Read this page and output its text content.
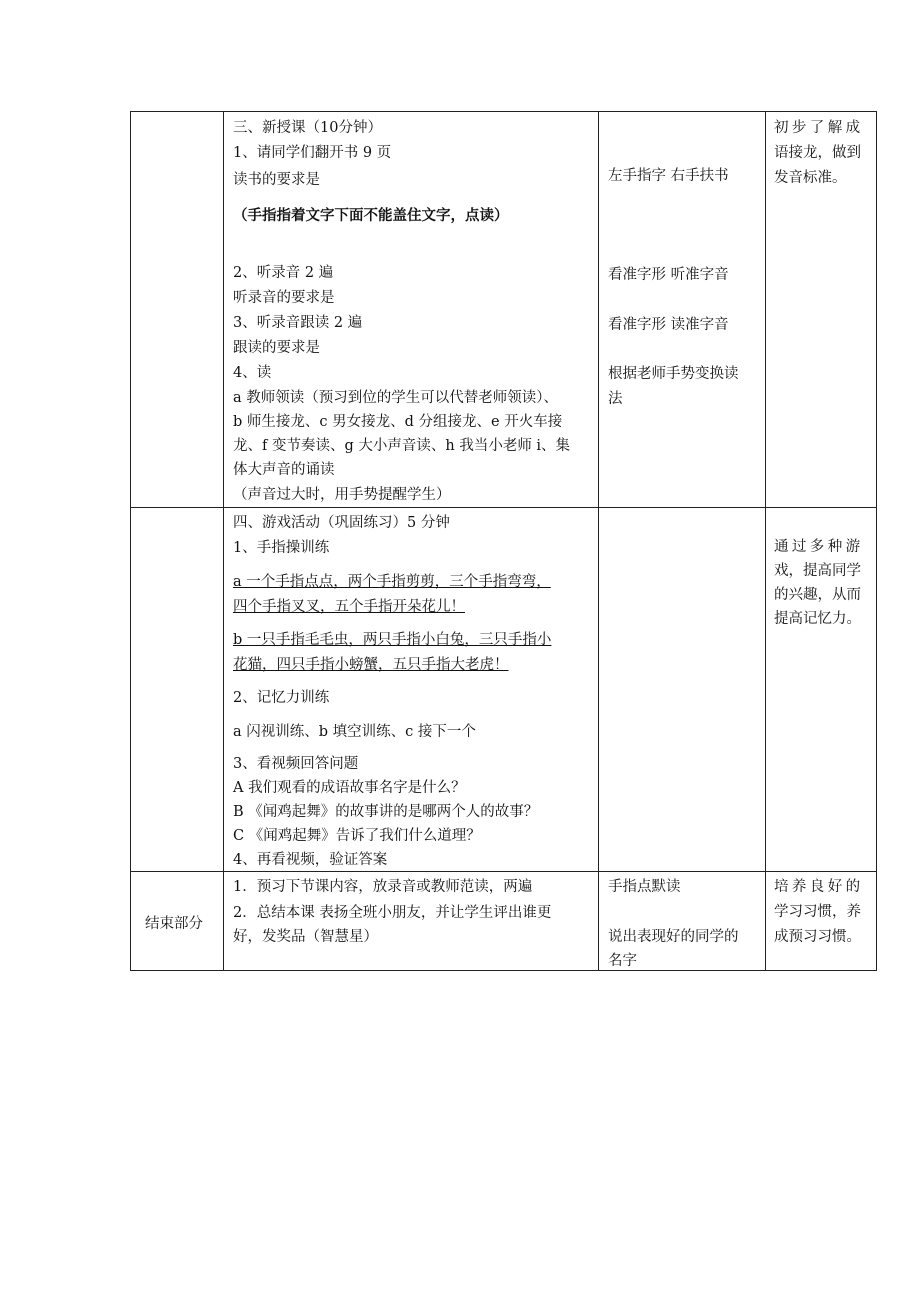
三、新授课（10分钟）
1、请同学们翻开书 9 页
读书的要求是
（手指指着文字下面不能盖住文字，点读）
2、听录音 2 遍
听录音的要求是
3、听录音跟读 2 遍
跟读的要求是
4、读
a 教师领读（预习到位的学生可以代替老师领读）、
b 师生接龙、c 男女接龙、d 分组接龙、e 开火车接
龙、f 变节奏读、g 大小声音读、h 我当小老师 i、集
体大声音的诵读
（声音过大时，用手势提醒学生）
左手指字 右手扶书
看准字形 听准字音
看准字形 读准字音
根据老师手势变换读
法
初步了解成
语接龙，做到
发音标准。
四、游戏活动（巩固练习）5 分钟
1、手指操训练
a 一个手指点点，两个手指剪剪，三个手指弯弯，
四个手指叉叉，五个手指开朵花儿！
b 一只手指毛毛虫，两只手指小白兔，三只手指小
花猫，四只手指小螃蟹，五只手指大老虎！
2、记忆力训练
a 闪视训练、b 填空训练、c 接下一个
3、看视频回答问题
A 我们观看的成语故事名字是什么？
B 《闻鸡起舞》的故事讲的是哪两个人的故事？
C 《闻鸡起舞》告诉了我们什么道理？
4、再看视频，验证答案
通过多种游
戏，提高同学
的兴趣，从而
提高记忆力。
结束部分
1．预习下节课内容，放录音或教师范读，两遍
2．总结本课 表扬全班小朋友，并让学生评出谁更
好，发奖品（智慧星）
手指点默读
说出表现好的同学的
名字
培养良好的
学习习惯，养
成预习习惯。
